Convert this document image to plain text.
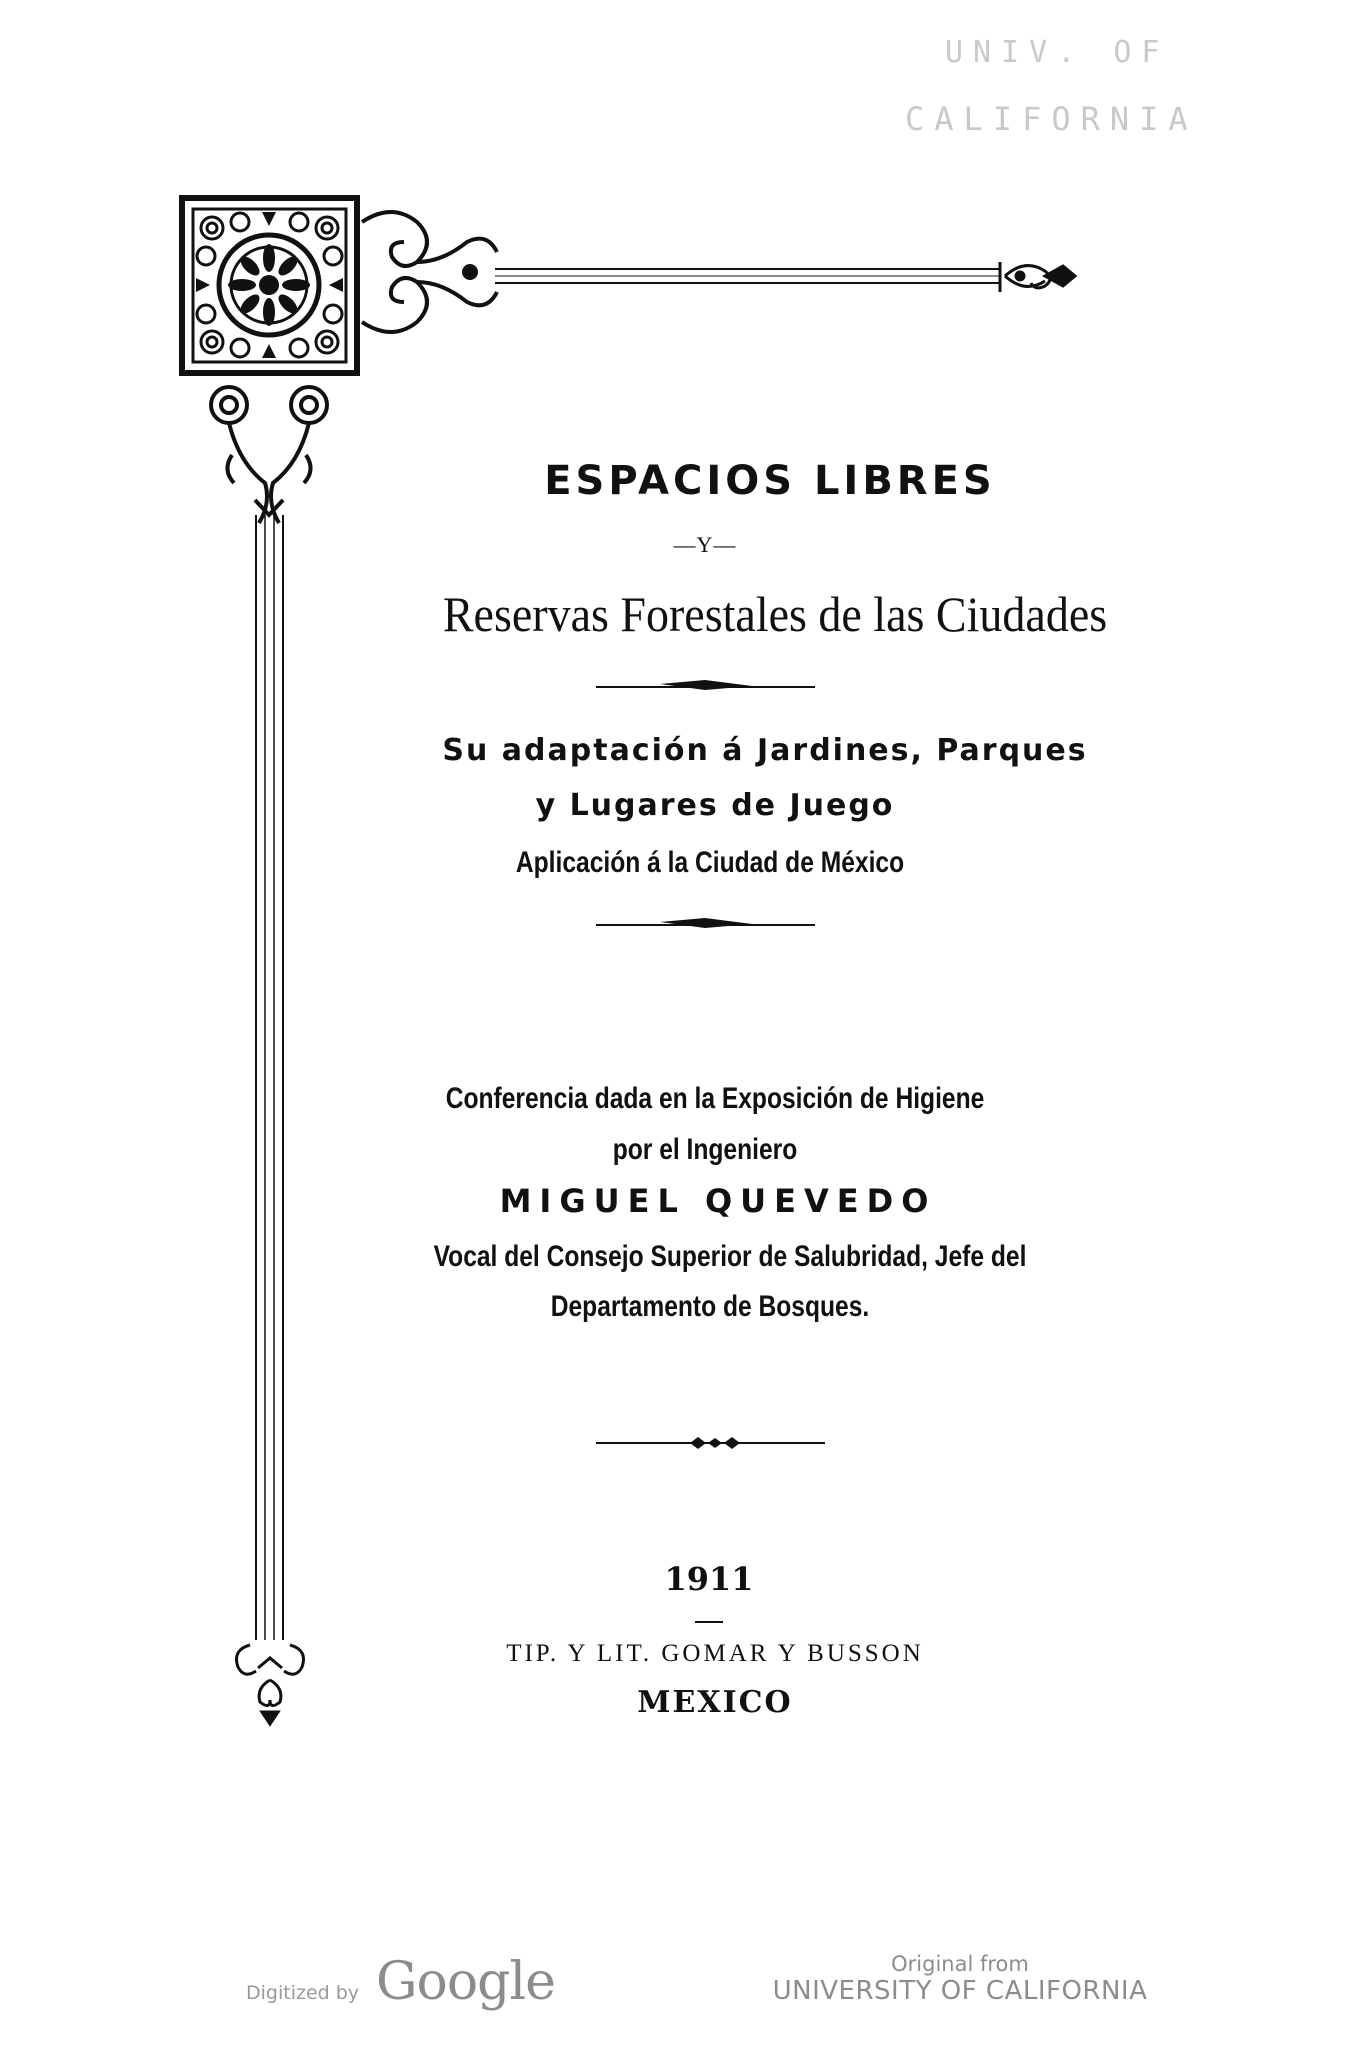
UNIV. OF
CALIFORNIA
ESPACIOS LIBRES
—Y—
Reservas Forestales de las Ciudades
Su adaptación á Jardines, Parques
y Lugares de Juego
Aplicación á la Ciudad de México
Conferencia dada en la Exposición de Higiene
por el Ingeniero
MIGUEL QUEVEDO
Vocal del Consejo Superior de Salubridad, Jefe del
Departamento de Bosques.
1911
TIP. Y LIT. GOMAR Y BUSSON
MEXICO
Digitized by Google	Original from
UNIVERSITY OF CALIFORNIA
